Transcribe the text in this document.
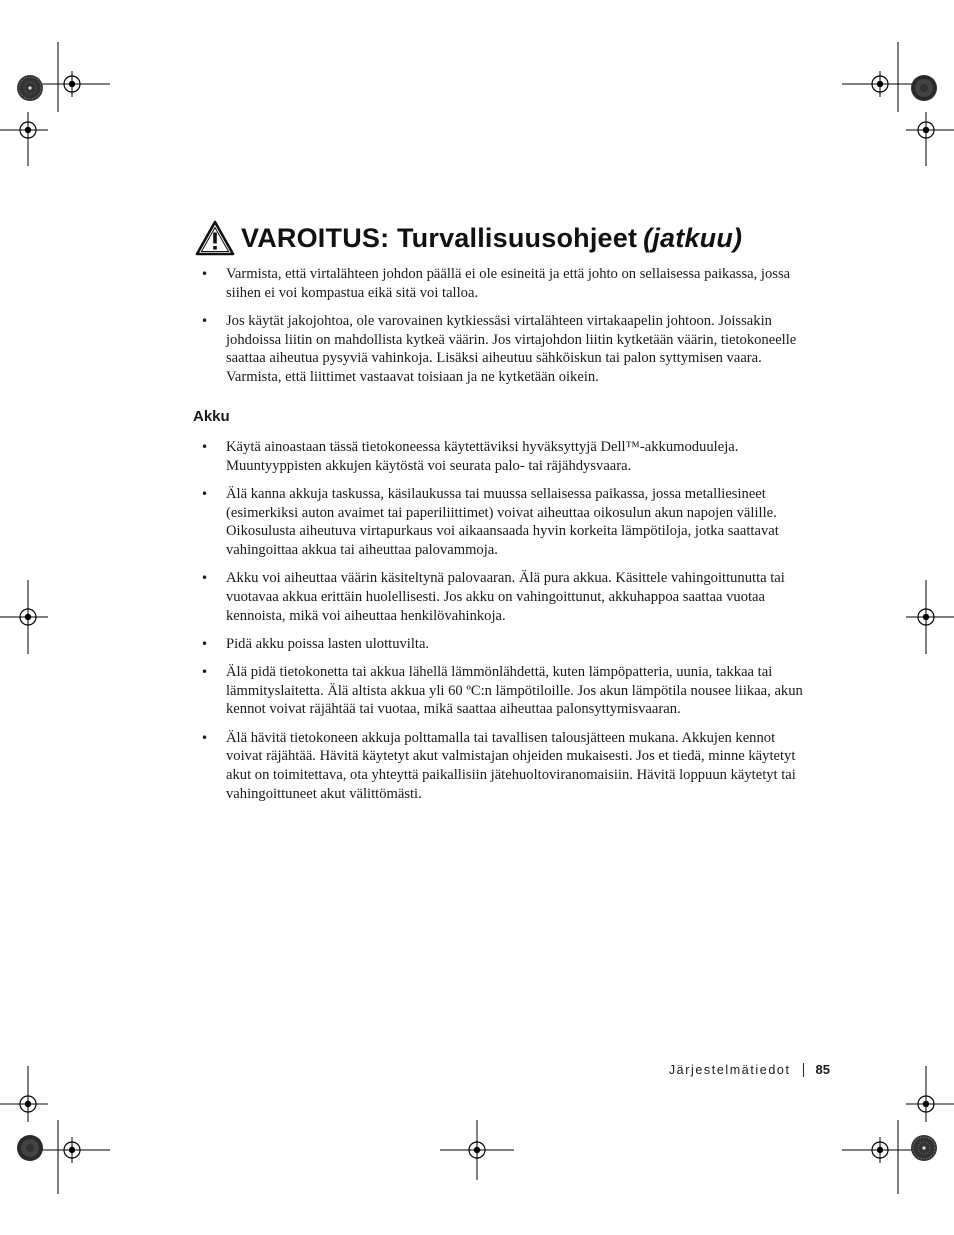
VAROITUS: Turvallisuusohjeet (jatkuu)
• Varmista, että virtalähteen johdon päällä ei ole esineitä ja että johto on sellaisessa paikassa, jossa siihen ei voi kompastua eikä sitä voi talloa.
• Jos käytät jakojohtoa, ole varovainen kytkiessäsi virtalähteen virtakaapelin johtoon. Joissakin johdoissa liitin on mahdollista kytkeä väärin. Jos virtajohdon liitin kytketään väärin, tietokoneelle saattaa aiheutua pysyviä vahinkoja. Lisäksi aiheutuu sähköiskun tai palon syttymisen vaara. Varmista, että liittimet vastaavat toisiaan ja ne kytketään oikein.
Akku
• Käytä ainoastaan tässä tietokoneessa käytettäviksi hyväksyttyjä Dell™-akkumoduuleja. Muuntyyppisten akkujen käytöstä voi seurata palo- tai räjähdysvaara.
• Älä kanna akkuja taskussa, käsilaukussa tai muussa sellaisessa paikassa, jossa metalliesineet (esimerkiksi auton avaimet tai paperiliittimet) voivat aiheuttaa oikosulun akun napojen välille. Oikosulusta aiheutuva virtapurkaus voi aikaansaada hyvin korkeita lämpötiloja, jotka saattavat vahingoittaa akkua tai aiheuttaa palovammoja.
• Akku voi aiheuttaa väärin käsiteltynä palovaaran. Älä pura akkua. Käsittele vahingoittunutta tai vuotavaa akkua erittäin huolellisesti. Jos akku on vahingoittunut, akkuhappoa saattaa vuotaa kennoista, mikä voi aiheuttaa henkilövahinkoja.
• Pidä akku poissa lasten ulottuvilta.
• Älä pidä tietokonetta tai akkua lähellä lämmönlähdettä, kuten lämpöpatteria, uunia, takkaa tai lämmityslaitetta. Älä altista akkua yli 60 ºC:n lämpötiloille. Jos akun lämpötila nousee liikaa, akun kennot voivat räjähtää tai vuotaa, mikä saattaa aiheuttaa palonsyttymisvaaran.
• Älä hävitä tietokoneen akkuja polttamalla tai tavallisen talousjätteen mukana. Akkujen kennot voivat räjähtää. Hävitä käytetyt akut valmistajan ohjeiden mukaisesti. Jos et tiedä, minne käytetyt akut on toimitettava, ota yhteyttä paikallisiin jätehuoltoviranomaisiin. Hävitä loppuun käytetyt tai vahingoittuneet akut välittömästi.
Järjestelmätiedot 85
